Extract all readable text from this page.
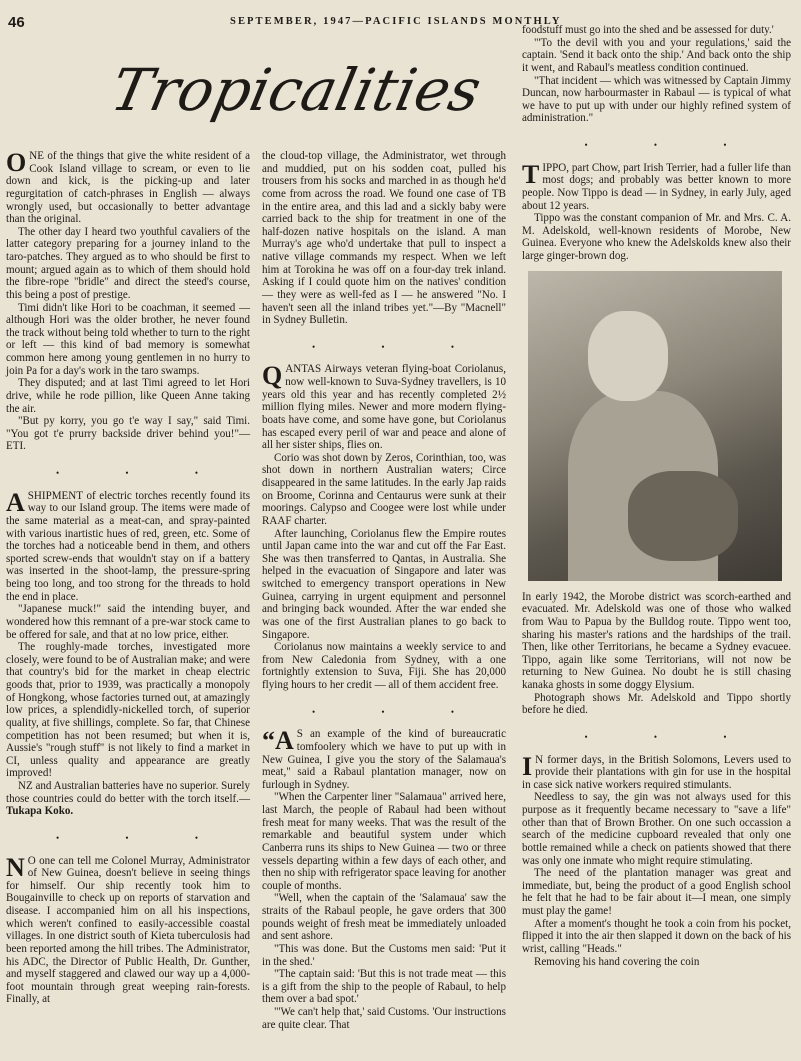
46	SEPTEMBER, 1947—PACIFIC ISLANDS MONTHLY
Tropicalities

ONE of the things that give the white resident of a Cook Island village to scream, or even to lie down and kick, is the picking-up and later regurgitation of catch-phrases in English — always wrongly used, but occasionally to better advantage than the original.

The other day I heard two youthful cavaliers of the latter category preparing for a journey inland to the taro-patches. They argued as to who should be first to mount; argued again as to which of them should hold the fibre-rope "bridle" and direct the steed's course, this being a post of prestige.

Timi didn't like Hori to be coachman, it seemed — although Hori was the older brother, he never found the track without being told whether to turn to the right or left — this kind of bad memory is somewhat common here among young gentlemen in no hurry to join Pa for a day's work in the taro swamps.

They disputed; and at last Timi agreed to let Hori drive, while he rode pillion, like Queen Anne taking the air.

"But py korry, you go t'e way I say," said Timi. "You got t'e prurry backside driver behind you!"—ETI.

• • •

ASHIPMENT of electric torches recently found its way to our Island group. The items were made of the same material as a meat-can, and spray-painted with various inartistic hues of red, green, etc. Some of the torches had a noticeable bend in them, and others sported screw-ends that wouldn't stay on if a battery was inserted in the shoot-lamp, the pressure-spring being too long, and too strong for the threads to hold the end in place.

"Japanese muck!" said the intending buyer, and wondered how this remnant of a pre-war stock came to be offered for sale, and that at no low price, either.

The roughly-made torches, investigated more closely, were found to be of Australian make; and were that country's bid for the market in cheap electric goods that, prior to 1939, was practically a monopoly of Hongkong, whose factories turned out, at amazingly low prices, a splendidly-nickelled torch, of superior quality, at five shillings, complete. So far, that Chinese competition has not been resumed; but when it is, Aussie's "rough stuff" is not likely to find a market in CI, unless quality and appearance are greatly improved!

NZ and Australian batteries have no superior. Surely those countries could do better with the torch itself.—Tukapa Koko.

• • •

N O one can tell me Colonel Murray, Administrator of New Guinea, doesn't believe in seeing things for himself. Our ship recently took him to Bougainville to check up on reports of starvation and disease. I accompanied him on all his inspections, which weren't confined to easily-accessible coastal villages. In one district south of Kieta tuberculosis had been reported among the hill tribes. The Administrator, his ADC, the Director of Public Health, Dr. Gunther, and myself staggered and clawed our way up a 4,000-foot mountain through great weeping rain-forests. Finally, at

the cloud-top village, the Administrator, wet through and muddied, put on his sodden coat, pulled his trousers from his socks and marched in as though he'd come from across the road. We found one case of TB in the entire area, and this lad and a sickly baby were carried back to the ship for treatment in one of the half-dozen native hospitals on the island. A man Murray's age who'd undertake that pull to inspect a native village commands my respect. When we left him at Torokina he was off on a four-day trek inland. Asking if I could quote him on the natives' condition — they were as well-fed as I — he answered "No. I haven't seen all the inland tribes yet."—By "Macnell" in Sydney Bulletin.

• • •

QANTAS Airways veteran flying-boat Coriolanus, now well-known to Suva-Sydney travellers, is 10 years old this year and has recently completed 2½ million flying miles. Newer and more modern flying-boats have come, and some have gone, but Coriolanus has escaped every peril of war and peace and alone of all her sister ships, flies on.

Corio was shot down by Zeros, Corinthian, too, was shot down in northern Australian waters; Circe disappeared in the same latitudes. In the early Jap raids on Broome, Corinna and Centaurus were sunk at their moorings. Calypso and Coogee were lost while under RAAF charter.

After launching, Coriolanus flew the Empire routes until Japan came into the war and cut off the Far East. She was then transferred to Qantas, in Australia. She helped in the evacuation of Singapore and later was switched to emergency transport operations in New Guinea, carrying in urgent equipment and personnel and bringing back wounded. After the war ended she was one of the first Australian planes to go back to Singapore.

Coriolanus now maintains a weekly service to and from New Caledonia from Sydney, with a one fortnightly extension to Suva, Fiji. She has 20,000 flying hours to her credit — all of them accident free.

• • •

“A S an example of the kind of bureaucratic tomfoolery which we have to put up with in New Guinea, I give you the story of the Salamaua's meat," said a Rabaul plantation manager, now on furlough in Sydney.

"When the Carpenter liner "Salamaua" arrived here, last March, the people of Rabaul had been without fresh meat for many weeks. That was the result of the remarkable and beautiful system under which Canberra runs its ships to New Guinea — two or three vessels departing within a few days of each other, and then no ship with refrigerator space leaving for another couple of months.

"Well, when the captain of the 'Salamaua' saw the straits of the Rabaul people, he gave orders that 300 pounds weight of fresh meat be immediately unloaded and sent ashore.

"This was done. But the Customs men said: 'Put it in the shed.'

"The captain said: 'But this is not trade meat — this is a gift from the ship to the people of Rabaul, to help them over a bad spot.'

"'We can't help that,' said Customs. 'Our instructions are quite clear. That

foodstuff must go into the shed and be assessed for duty.'

"'To the devil with you and your regulations,' said the captain. 'Send it back onto the ship.' And back onto the ship it went, and Rabaul's meatless condition continued.

"That incident — which was witnessed by Captain Jimmy Duncan, now harbourmaster in Rabaul — is typical of what we have to put up with under our highly refined system of administration."

• • •

TIPPO, part Chow, part Irish Terrier, had a fuller life than most dogs; and probably was better known to more people. Now Tippo is dead — in Sydney, in early July, aged about 12 years.

Tippo was the constant companion of Mr. and Mrs. C. A. M. Adelskold, well-known residents of Morobe, New Guinea. Everyone who knew the Adelskolds knew also their large ginger-brown dog.

In early 1942, the Morobe district was scorch-earthed and evacuated. Mr. Adelskold was one of those who walked from Wau to Papua by the Bulldog route. Tippo went too, sharing his master's rations and the hardships of the trail. Then, like other Territorians, he became a Sydney evacuee. Tippo, again like some Territorians, will not now be returning to New Guinea. No doubt he is still chasing kanaka ghosts in some doggy Elysium.

Photograph shows Mr. Adelskold and Tippo shortly before he died.

• • •

I N former days, in the British Solomons, Levers used to provide their plantations with gin for use in the hospital in case sick native workers required stimulants.

Needless to say, the gin was not always used for this purpose as it frequently became necessary to "save a life" other than that of Brown Brother. On one such occassion a search of the medicine cupboard revealed that only one bottle remained while a check on patients showed that there was only one inmate who might require stimulating.

The need of the plantation manager was great and immediate, but, being the product of a good English school he felt that he had to be fair about it—I mean, one simply must play the game!

After a moment's thought he took a coin from his pocket, flipped it into the air then slapped it down on the back of his wrist, calling "Heads."

Removing his hand covering the coin
